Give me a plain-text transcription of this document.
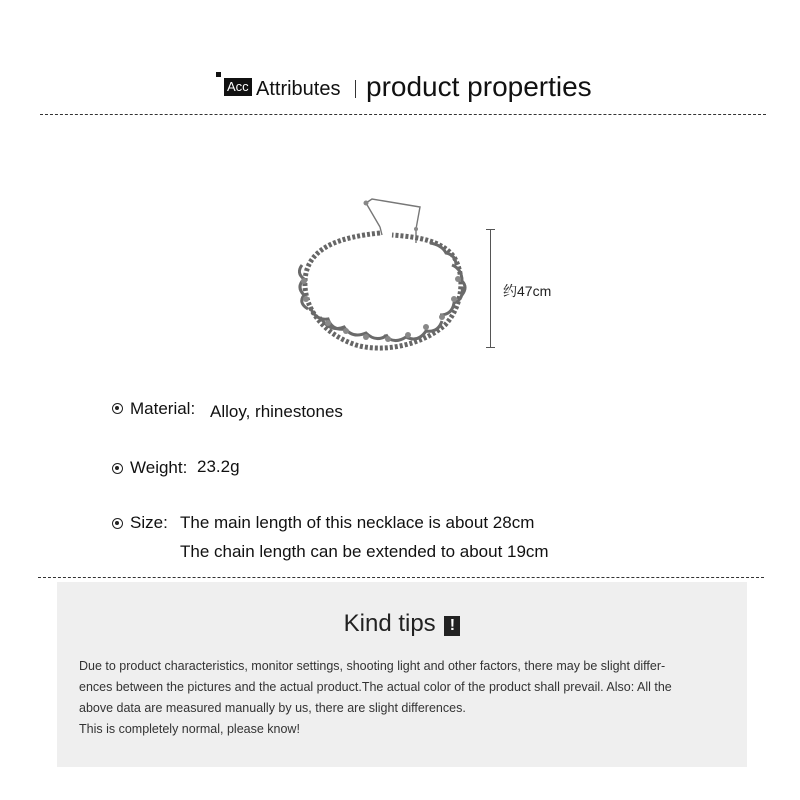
Acc Attributes product properties
约47cm
Material: Alloy, rhinestones
Weight: 23.2g
Size: The main length of this necklace is about 28cm
The chain length can be extended to about 19cm
Kind tips !

Due to product characteristics, monitor settings, shooting light and other factors, there may be slight differ-

ences between the pictures and the actual product.The actual color of the product shall prevail. Also: All the

above data are measured manually by us, there are slight differences.

This is completely normal, please know!
